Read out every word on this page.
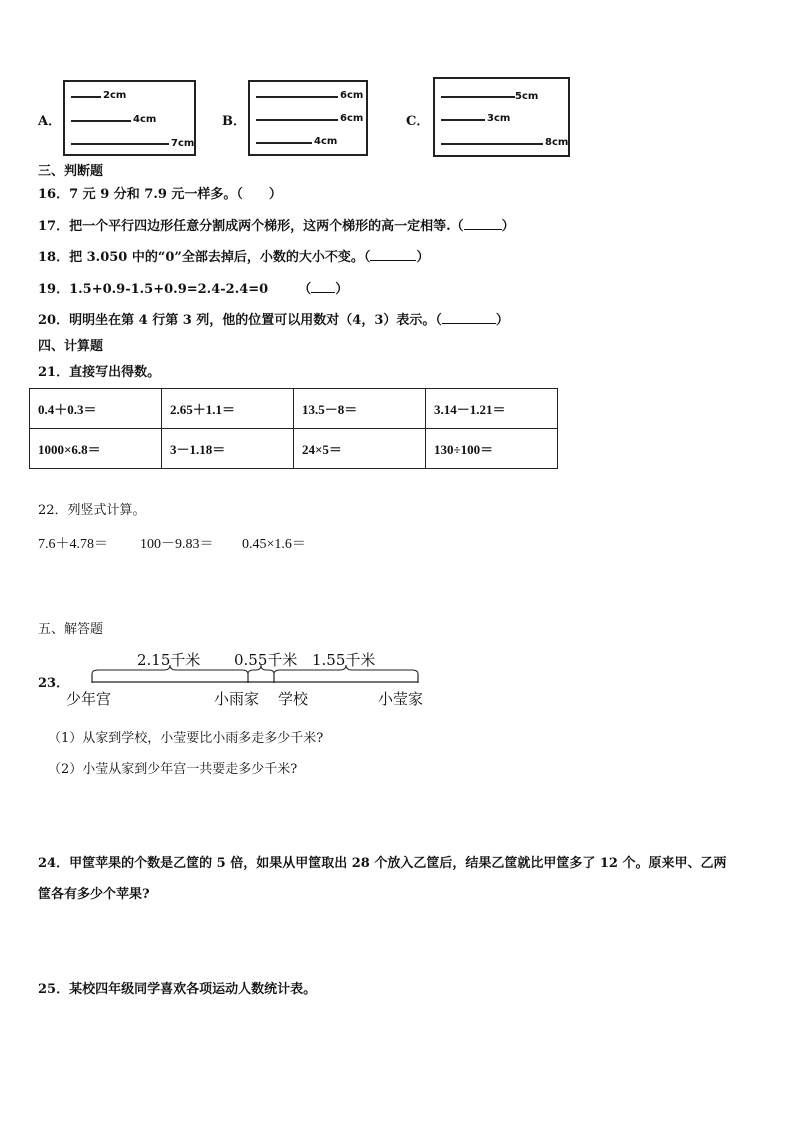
A．
2cm
4cm
7cm
B．
6cm
6cm
4cm
C．
5cm
3cm
8cm
三、判断题
16．7 元 9 分和 7.9 元一样多。（　　）
17．把一个平行四边形任意分割成两个梯形，这两个梯形的高一定相等.（	）
18．把 3.050 中的“0”全部去掉后，小数的大小不变。（	）
19．1.5+0.9-1.5+0.9=2.4-2.4=0 （ ）
20．明明坐在第 4 行第 3 列，他的位置可以用数对（4，3）表示。（	）
四、计算题
21．直接写出得数。
0.4＋0.3＝	2.65＋1.1＝	13.5－8＝	3.14－1.21＝
1000×6.8＝	3－1.18＝	24×5＝	130÷100＝
22．列竖式计算。
7.6＋4.78＝ 100－9.83＝ 0.45×1.6＝
五、解答题
23．
2.15千米 0.55千米 1.55千米
少年宫	小雨家 学校	小莹家
（1）从家到学校，小莹要比小雨多走多少千米?
（2）小莹从家到少年宫一共要走多少千米?
24．甲筐苹果的个数是乙筐的 5 倍，如果从甲筐取出 28 个放入乙筐后，结果乙筐就比甲筐多了 12 个。原来甲、乙两
筐各有多少个苹果?
25．某校四年级同学喜欢各项运动人数统计表。
